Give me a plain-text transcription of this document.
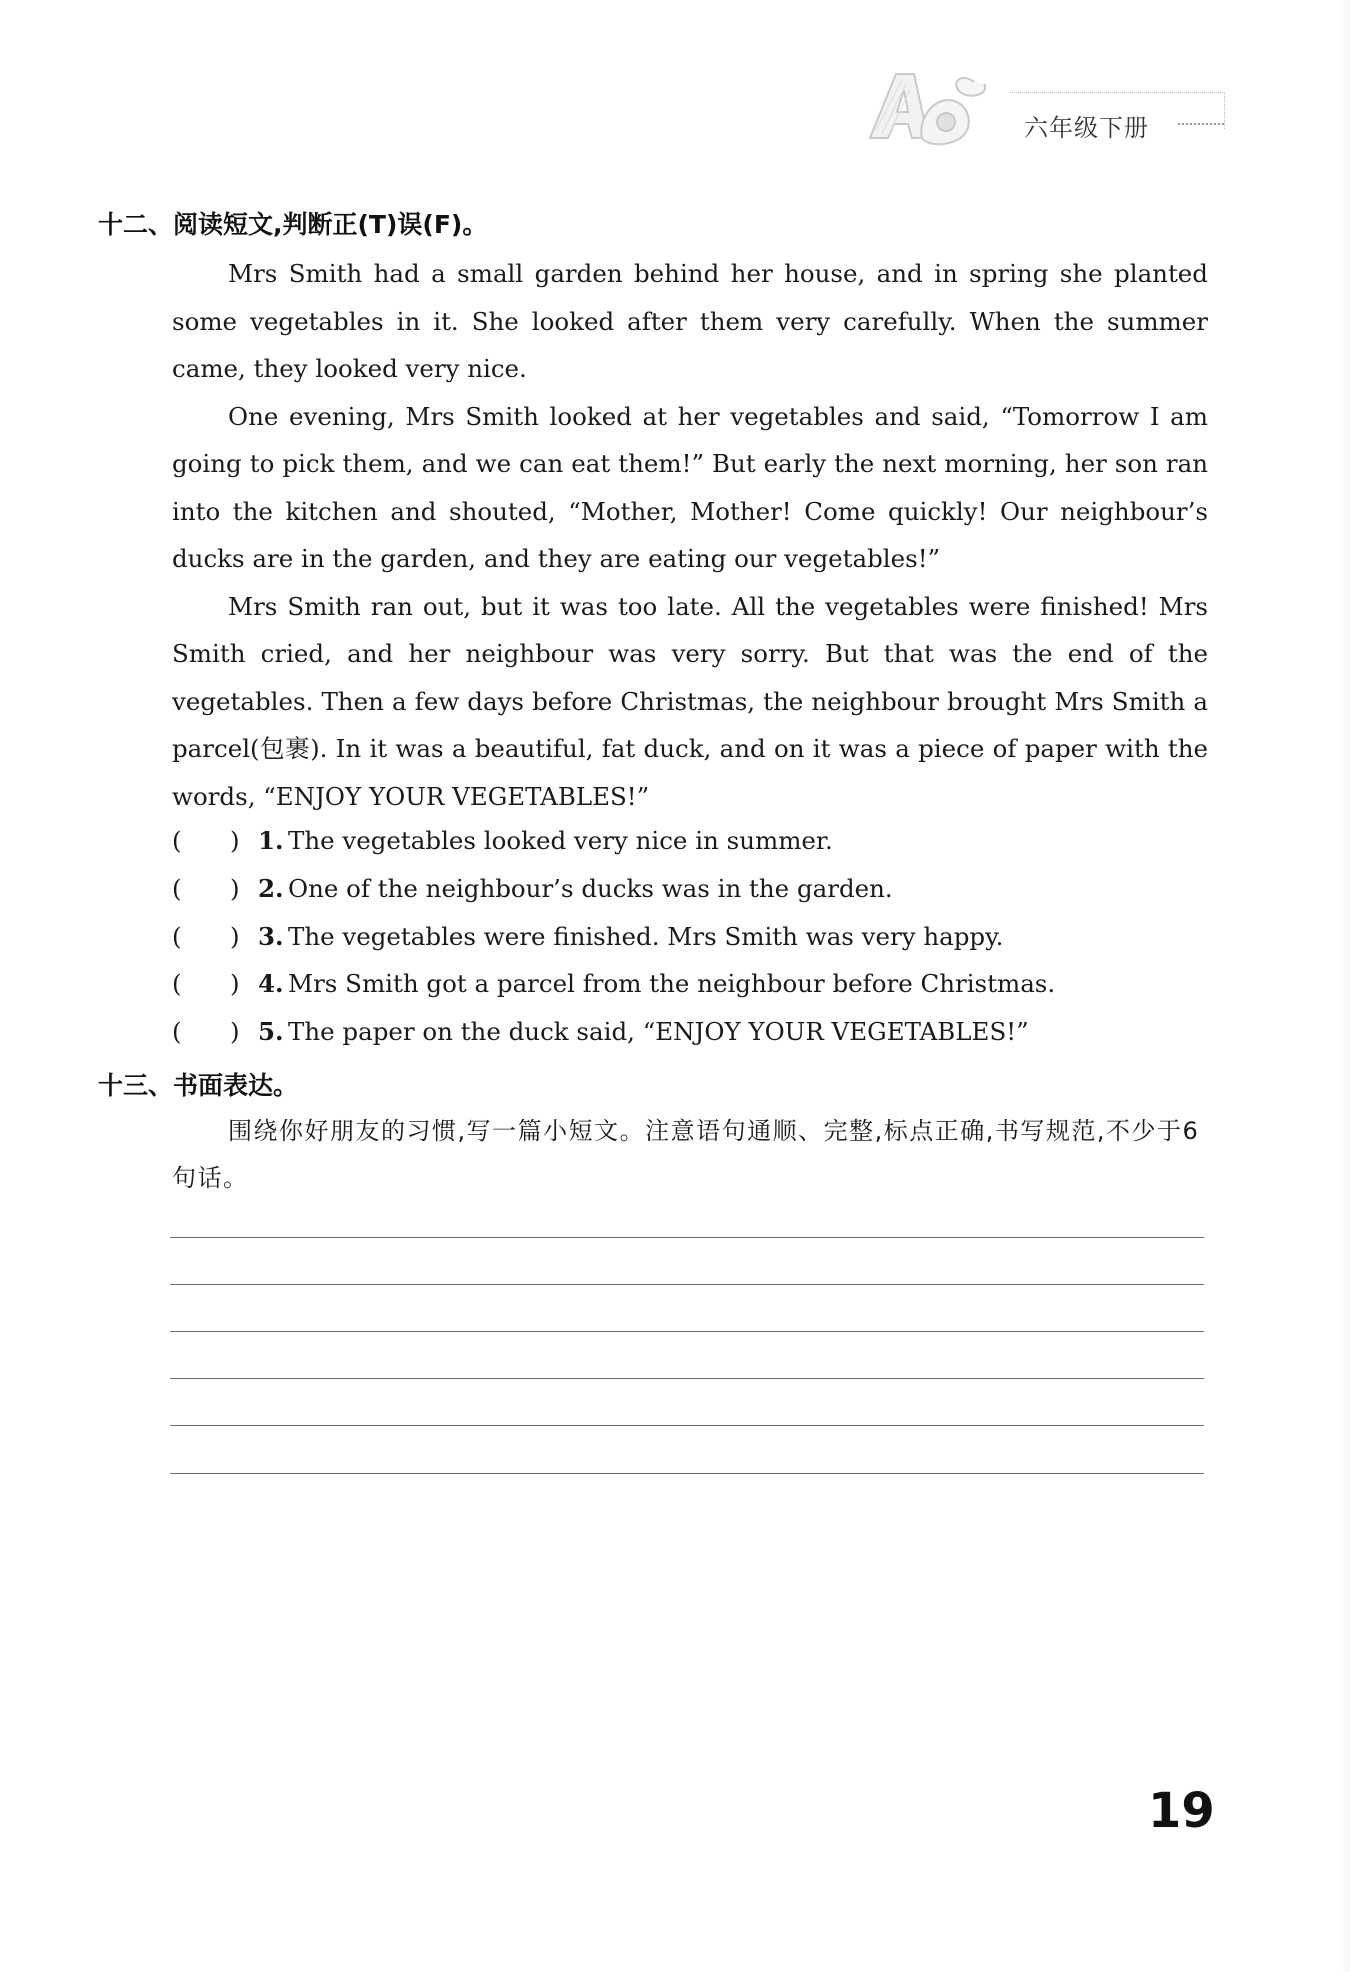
六年级下册
十二、阅读短文,判断正(T)误(F)。

Mrs Smith had a small garden behind her house, and in spring she planted some vegetables in it. She looked after them very carefully. When the summer came, they looked very nice.

One evening, Mrs Smith looked at her vegetables and said, “Tomorrow I am going to pick them, and we can eat them!” But early the next morning, her son ran into the kitchen and shouted, “Mother, Mother! Come quickly! Our neighbour’s ducks are in the garden, and they are eating our vegetables!”

Mrs Smith ran out, but it was too late. All the vegetables were finished! Mrs Smith cried, and her neighbour was very sorry. But that was the end of the vegetables. Then a few days before Christmas, the neighbour brought Mrs Smith a parcel(包裹). In it was a beautiful, fat duck, and on it was a piece of paper with the words, “ENJOY YOUR VEGETABLES!”

( ) 1. The vegetables looked very nice in summer.
( ) 2. One of the neighbour’s ducks was in the garden.
( ) 3. The vegetables were finished. Mrs Smith was very happy.
( ) 4. Mrs Smith got a parcel from the neighbour before Christmas.
( ) 5. The paper on the duck said, “ENJOY YOUR VEGETABLES!”
十三、书面表达。

围绕你好朋友的习惯,写一篇小短文。注意语句通顺、完整,标点正确,书写规范,不少于6句话。

19
